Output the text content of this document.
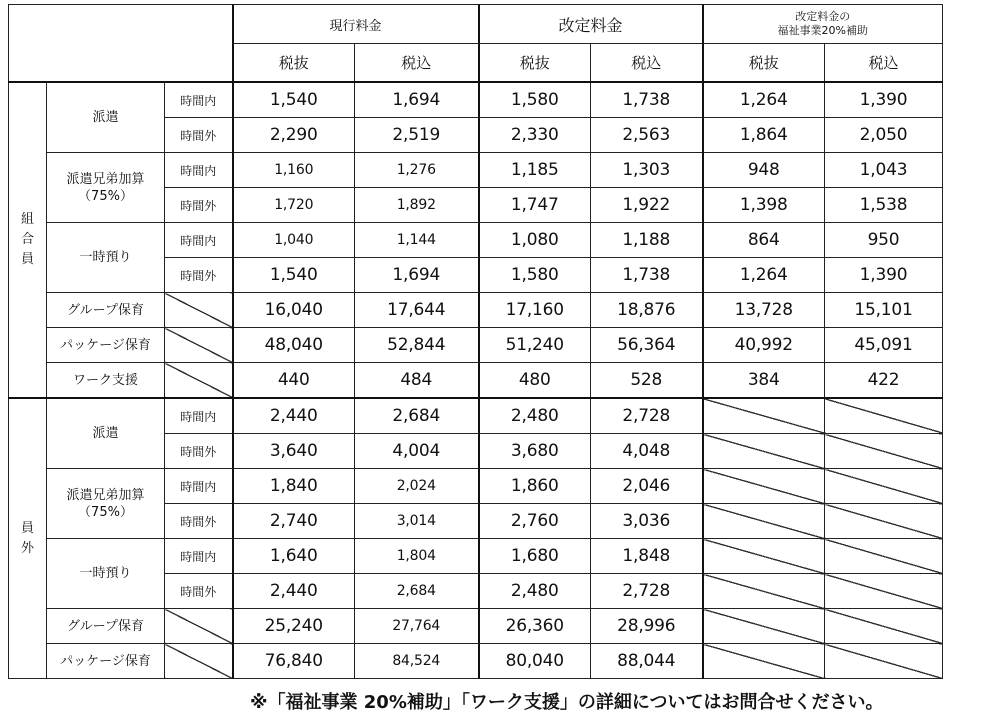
			現行料金		改定料金		改定料金の
福祉事業20%補助	
			税抜	税込	税抜	税込	税抜	税込
組合員	派遣	時間内	1,540	1,694	1,580	1,738	1,264	1,390
		時間外	2,290	2,519	2,330	2,563	1,864	2,050
	派遣兄弟加算
（75%）	時間内	1,160	1,276	1,185	1,303	948	1,043
		時間外	1,720	1,892	1,747	1,922	1,398	1,538
	一時預り	時間内	1,040	1,144	1,080	1,188	864	950
		時間外	1,540	1,694	1,580	1,738	1,264	1,390
	グループ保育		16,040	17,644	17,160	18,876	13,728	15,101
	パッケージ保育		48,040	52,844	51,240	56,364	40,992	45,091
	ワーク支援		440	484	480	528	384	422
員外	派遣	時間内	2,440	2,684	2,480	2,728		
		時間外	3,640	4,004	3,680	4,048		
	派遣兄弟加算
（75%）	時間内	1,840	2,024	1,860	2,046		
		時間外	2,740	3,014	2,760	3,036		
	一時預り	時間内	1,640	1,804	1,680	1,848		
		時間外	2,440	2,684	2,480	2,728		
	グループ保育		25,240	27,764	26,360	28,996		
	パッケージ保育		76,840	84,524	80,040	88,044		
※「福祉事業 20%補助」「ワーク支援」の詳細についてはお問合せください。
